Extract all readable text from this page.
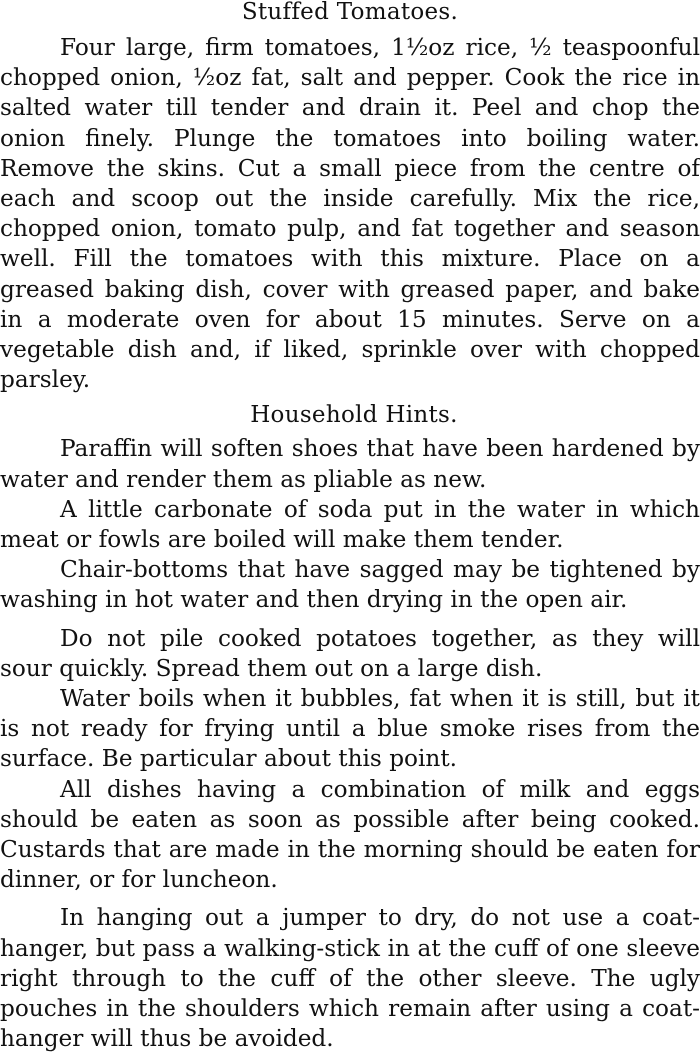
Stuffed Tomatoes.

Four large, firm tomatoes, 1½oz rice, ½ teaspoonful chopped onion, ½oz fat, salt and pepper. Cook the rice in salted water till tender and drain it. Peel and chop the onion finely. Plunge the tomatoes into boiling water. Remove the skins. Cut a small piece from the centre of each and scoop out the inside carefully. Mix the rice, chopped onion, tomato pulp, and fat together and season well. Fill the tomatoes with this mixture. Place on a greased baking dish, cover with greased paper, and bake in a moderate oven for about 15 minutes. Serve on a vegetable dish and, if liked, sprinkle over with chopped parsley.

Household Hints.

Paraffin will soften shoes that have been hardened by water and render them as pliable as new.

A little carbonate of soda put in the water in which meat or fowls are boiled will make them tender.

Chair-bottoms that have sagged may be tightened by washing in hot water and then drying in the open air.

Do not pile cooked potatoes together, as they will sour quickly. Spread them out on a large dish.

Water boils when it bubbles, fat when it is still, but it is not ready for frying until a blue smoke rises from the surface. Be particular about this point.

All dishes having a combination of milk and eggs should be eaten as soon as possible after being cooked. Custards that are made in the morning should be eaten for dinner, or for luncheon.

In hanging out a jumper to dry, do not use a coat-hanger, but pass a walking-stick in at the cuff of one sleeve right through to the cuff of the other sleeve. The ugly pouches in the shoulders which remain after using a coat-hanger will thus be avoided.
